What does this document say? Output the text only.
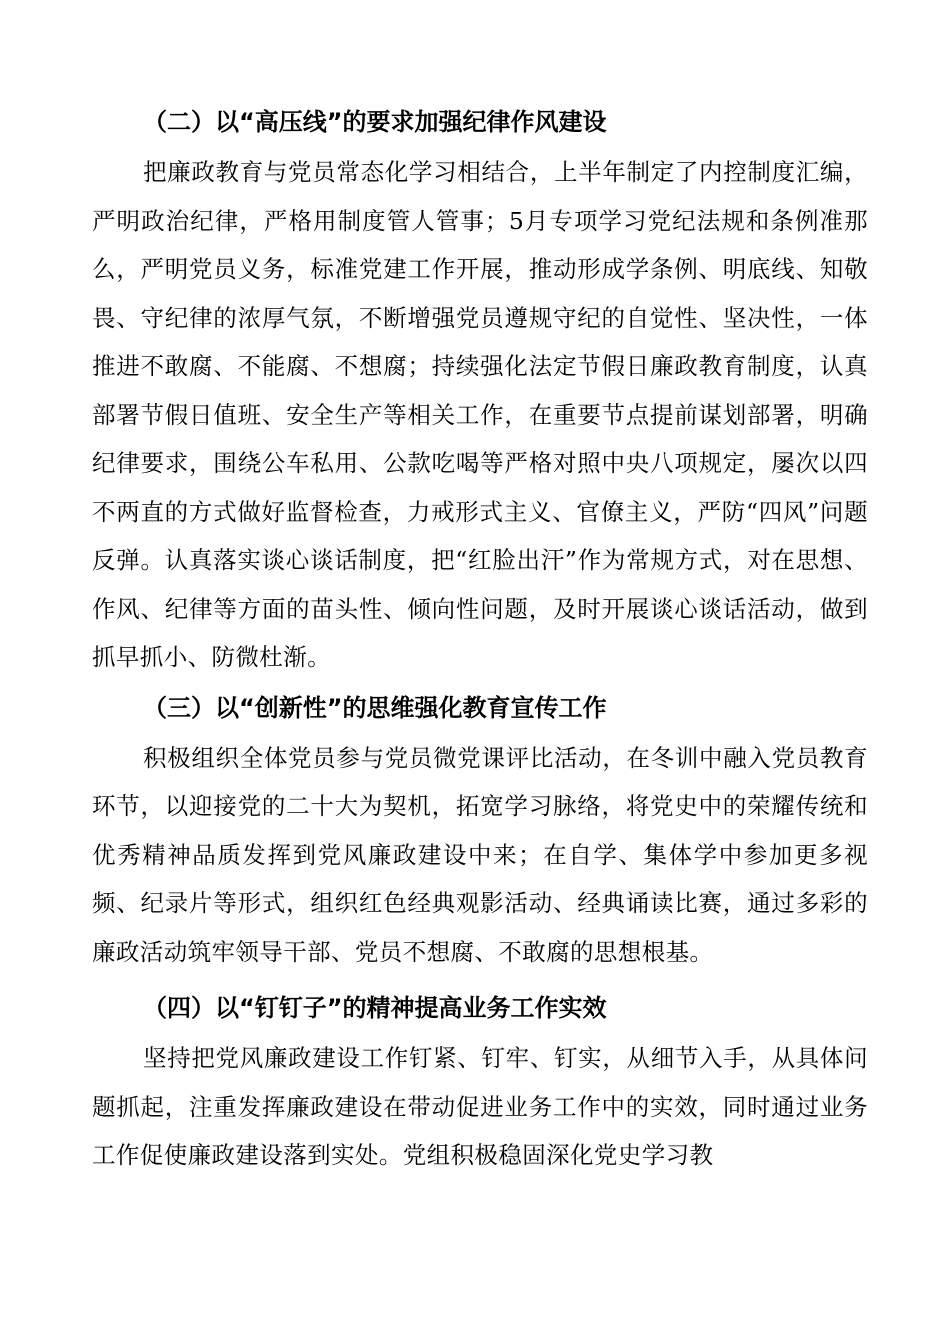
（二）以“高压线”的要求加强纪律作风建设

把廉政教育与党员常态化学习相结合，上半年制定了内控制度汇编，严明政治纪律，严格用制度管人管事；5月专项学习党纪法规和条例准那么，严明党员义务，标准党建工作开展，推动形成学条例、明底线、知敬畏、守纪律的浓厚气氛，不断增强党员遵规守纪的自觉性、坚决性，一体推进不敢腐、不能腐、不想腐；持续强化法定节假日廉政教育制度，认真部署节假日值班、安全生产等相关工作，在重要节点提前谋划部署，明确纪律要求，围绕公车私用、公款吃喝等严格对照中央八项规定，屡次以四不两直的方式做好监督检查，力戒形式主义、官僚主义，严防“四风”问题反弹。认真落实谈心谈话制度，把“红脸出汗”作为常规方式，对在思想、作风、纪律等方面的苗头性、倾向性问题，及时开展谈心谈话活动，做到抓早抓小、防微杜渐。

（三）以“创新性”的思维强化教育宣传工作

积极组织全体党员参与党员微党课评比活动，在冬训中融入党员教育环节，以迎接党的二十大为契机，拓宽学习脉络，将党史中的荣耀传统和优秀精神品质发挥到党风廉政建设中来；在自学、集体学中参加更多视频、纪录片等形式，组织红色经典观影活动、经典诵读比赛，通过多彩的廉政活动筑牢领导干部、党员不想腐、不敢腐的思想根基。

（四）以“钉钉子”的精神提高业务工作实效

坚持把党风廉政建设工作钉紧、钉牢、钉实，从细节入手，从具体问题抓起，注重发挥廉政建设在带动促进业务工作中的实效，同时通过业务工作促使廉政建设落到实处。党组积极稳固深化党史学习教
